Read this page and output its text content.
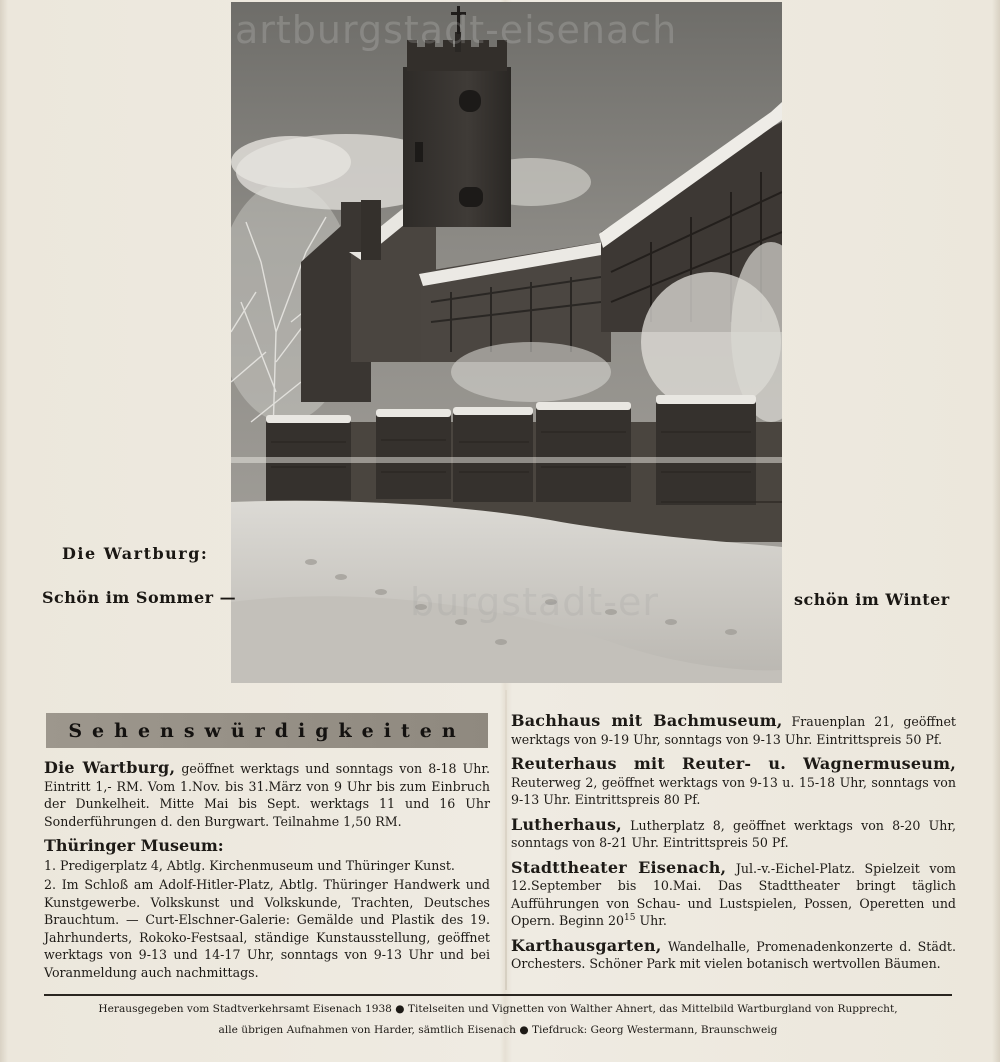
artburgstadt-eisenach
burgstadt-er
Die Wartburg:
Schön im Sommer —	schön im Winter
Sehenswürdigkeiten
Die Wartburg, geöffnet werktags und sonntags von 8-18 Uhr. Eintritt 1,- RM. Vom 1.Nov. bis 31.März von 9 Uhr bis zum Einbruch der Dunkelheit. Mitte Mai bis Sept. werktags 11 und 16 Uhr Sonderführungen d. den Burgwart. Teilnahme 1,50 RM.
Thüringer Museum:
1. Predigerplatz 4, Abtlg. Kirchenmuseum und Thüringer Kunst.
2. Im Schloß am Adolf-Hitler-Platz, Abtlg. Thüringer Handwerk und Kunstgewerbe. Volkskunst und Volkskunde, Trachten, Deutsches Brauchtum. — Curt-Elschner-Galerie: Gemälde und Plastik des 19. Jahrhunderts, Rokoko-Festsaal, ständige Kunstausstellung, geöffnet werktags von 9-13 und 14-17 Uhr, sonntags von 9-13 Uhr und bei Voranmeldung auch nachmittags.
Bachhaus mit Bachmuseum, Frauenplan 21, geöffnet werktags von 9-19 Uhr, sonntags von 9-13 Uhr. Eintrittspreis 50 Pf.
Reuterhaus mit Reuter- u. Wagnermuseum, Reuterweg 2, geöffnet werktags von 9-13 u. 15-18 Uhr, sonntags von 9-13 Uhr. Eintrittspreis 80 Pf.
Lutherhaus, Lutherplatz 8, geöffnet werktags von 8-20 Uhr, sonntags von 8-21 Uhr. Eintrittspreis 50 Pf.
Stadttheater Eisenach, Jul.-v.-Eichel-Platz. Spielzeit vom 12.September bis 10.Mai. Das Stadttheater bringt täglich Aufführungen von Schau- und Lustspielen, Possen, Operetten und Opern. Beginn $20^{15}$ Uhr.
Karthausgarten, Wandelhalle, Promenadenkonzerte d. Städt. Orchesters. Schöner Park mit vielen botanisch wertvollen Bäumen.
Herausgegeben vom Stadtverkehrsamt Eisenach 1938 ● Titelseiten und Vignetten von Walther Ahnert, das Mittelbild Wartburgland von Rupprecht,
alle übrigen Aufnahmen von Harder, sämtlich Eisenach ● Tiefdruck: Georg Westermann, Braunschweig
